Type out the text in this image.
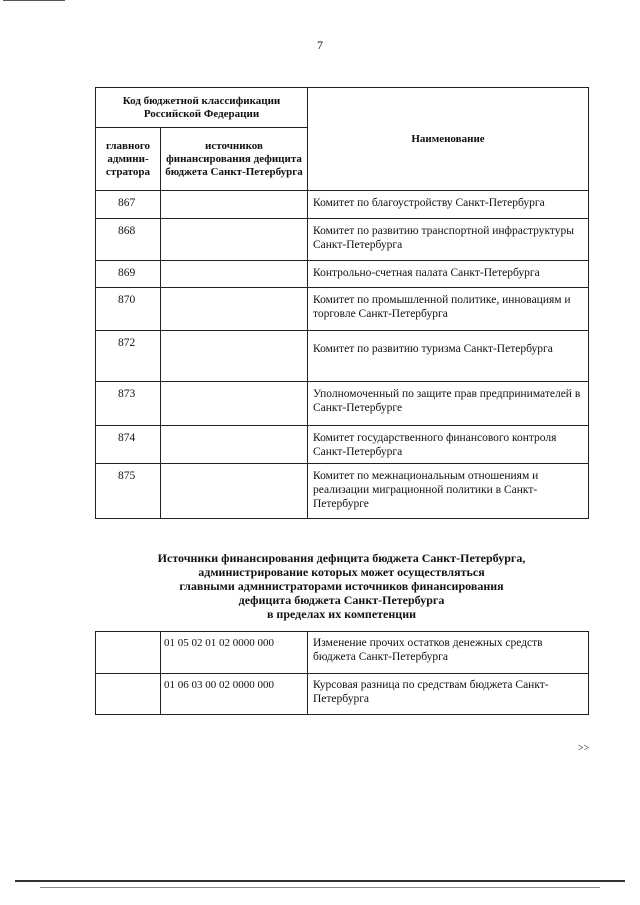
7
Код бюджетной классификации Российской Федерации		Наименование
главного админи-стратора	источников финансирования дефицита бюджета Санкт-Петербурга	
867		Комитет по благоустройству Санкт-Петербурга
868		Комитет по развитию транспортной инфраструктуры Санкт-Петербурга
869		Контрольно-счетная палата Санкт-Петербурга
870		Комитет по промышленной политике, инновациям и торговле Санкт-Петербурга
872		Комитет по развитию туризма Санкт-Петербурга
873		Уполномоченный по защите прав предпринимателей в Санкт-Петербурге
874		Комитет государственного финансового контроля Санкт-Петербурга
875		Комитет по межнациональным отношениям и реализации миграционной политики в Санкт-Петербурге
Источники финансирования дефицита бюджета Санкт-Петербурга,
администрирование которых может осуществляться
главными администраторами источников финансирования
дефицита бюджета Санкт-Петербурга
в пределах их компетенции
	01 05 02 01 02 0000 000	Изменение прочих остатков денежных средств бюджета Санкт-Петербурга
	01 06 03 00 02 0000 000	Курсовая разница по средствам бюджета Санкт-Петербурга
>>
